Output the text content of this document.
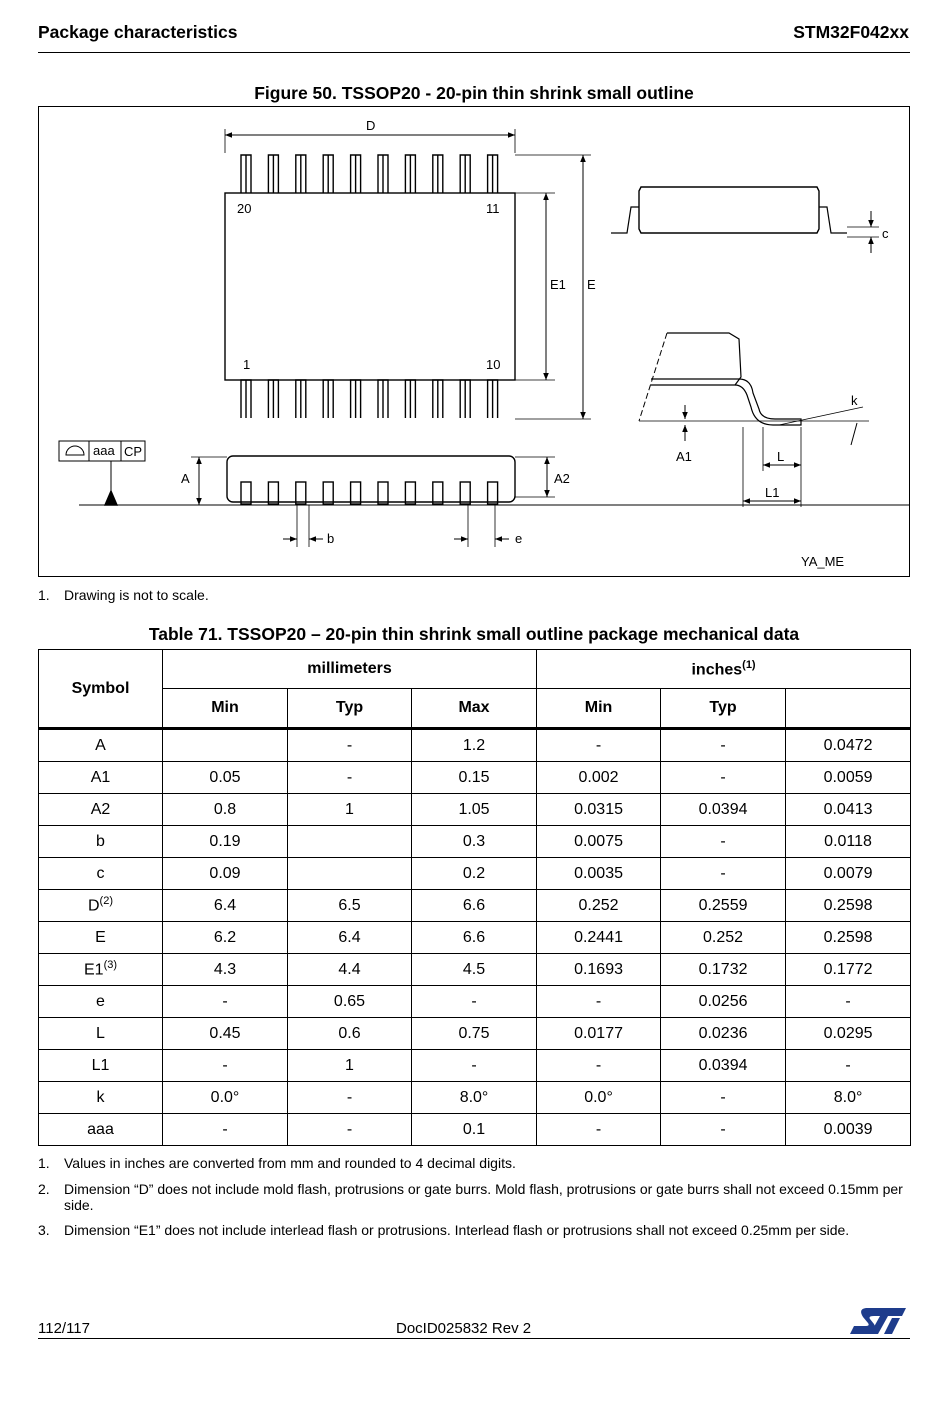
Package characteristics	STM32F042xx
Figure 50. TSSOP20 - 20-pin thin shrink small outline
D
20	11
1	10
E1 E
c
k
A1	L
L1
A	A2
b	e
aaa CP
YA_ME
1. Drawing is not to scale.
Table 71. TSSOP20 – 20-pin thin shrink small outline package mechanical data
Symbol	millimeters			inches$^{(1)}$
	Min	Typ	Max	Min	Typ	
A		-	1.2	-	-	0.0472
A1	0.05	-	0.15	0.002	-	0.0059
A2	0.8	1	1.05	0.0315	0.0394	0.0413
b	0.19		0.3	0.0075	-	0.0118
c	0.09		0.2	0.0035	-	0.0079
$D^{(2)}$	6.4	6.5	6.6	0.252	0.2559	0.2598
E	6.2	6.4	6.6	0.2441	0.252	0.2598
E1$^{(3)}$	4.3	4.4	4.5	0.1693	0.1732	0.1772
e	-	0.65	-	-	0.0256	-
L	0.45	0.6	0.75	0.0177	0.0236	0.0295
L1	-	1	-	-	0.0394	-
k	0.0°	-	8.0°	0.0°	-	8.0°
aaa	-	-	0.1	-	-	0.0039
1. Values in inches are converted from mm and rounded to 4 decimal digits.
2. Dimension “D” does not include mold flash, protrusions or gate burrs. Mold flash, protrusions or gate burrs shall not exceed 0.15mm per side.
3. Dimension “E1” does not include interlead flash or protrusions. Interlead flash or protrusions shall not exceed 0.25mm per side.
112/117	DocID025832 Rev 2
